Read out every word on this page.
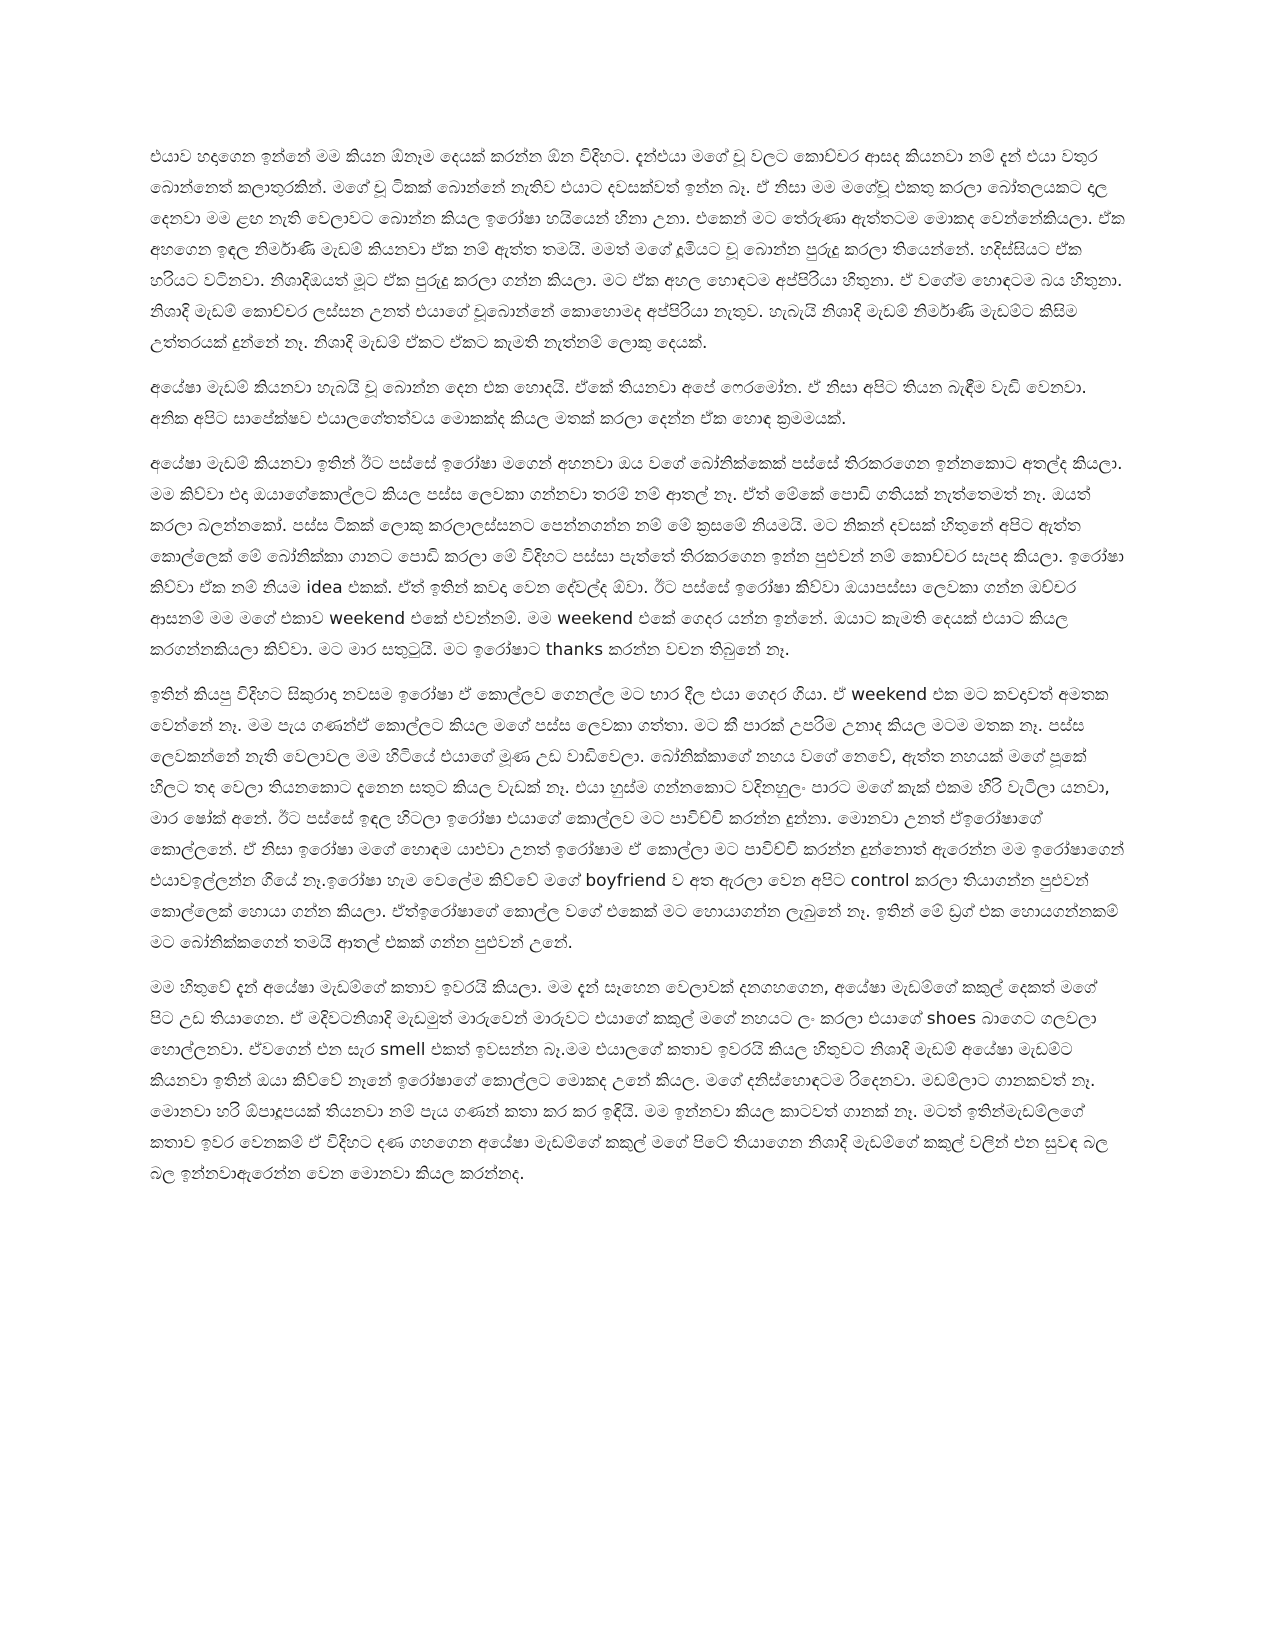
එයාව හදාගෙන ඉන්නේ මම කියන ඕනෑම දෙයක් කරන්න ඕන විදිහට. දැන්එයා මගේ චූ වලට කොච්චර ආසද කියනවා නම් දැන් එයා වතුර බොන්නෙත් කලාතුරකින්. මගේ චූ ටිකක් බොන්නේ නැතිව එයාට දවසක්වත් ඉන්න බෑ. ඒ නිසා මම මගේචූ එකතු කරලා බෝතලයකට දාල දෙනවා මම ළඟ නැති වෙලාවට බොන්න කියල ඉරෝෂා හයියෙන් හිනා උනා. එකෙන් මට තේරුණා ඇත්තටම මොකද වෙන්නේකියලා. ඒක අහගෙන ඉඳල නිර්මාණි මැඩම් කියනවා ඒක නම් ඇත්ත තමයි. මමත් මගේ දූමියට චූ බොන්න පුරුදු කරලා තියෙන්නේ. හදිස්සියට ඒක හරියට වටිනවා. නිශාදිඔයත් මූට ඒක පුරුදු කරලා ගන්න කියලා. මට ඒක අහල හොඳටම අප්පිරියා හිතුනා. ඒ වගේම හොඳටම බය හිතුනා. නිශාදි මැඩම් කොච්චර ලස්සන උනත් එයාගේ චූබොන්නේ කොහොමද අප්පිරියා නැතුව. හැබැයි නිශාදි මැඩම් නිර්මාණි මැඩම්ට කිසිම උත්තරයක් දුන්නේ නෑ. නිශාදි මැඩම් ඒකට ඒකට කැමති නැත්නම් ලොකු දෙයක්.

අයේෂා මැඩම් කියනවා හැබයි චූ බොන්න දෙන එක හොදයි. ඒකේ තියනවා අපේ ෆෙරමෝන. ඒ නිසා අපිට තියන බැඳීම වැඩි වෙනවා. අනික අපිට සාපේක්ෂව එයාලගේතත්වය මොකක්ද කියල මතක් කරලා දෙන්න ඒක හොඳ ක්‍රමමයක්.

අයේෂා මැඩම් කියනවා ඉතින් ඊට පස්සේ ඉරෝෂා මගෙන් අහනවා ඔය වගේ බෝනික්කෙක් පස්සේ තිරකරගෙන ඉන්නකොට අතල්ද කියලා. මම කිව්වා එදා ඔයාගේකොල්ලට කියල පස්ස ලෙවකා ගන්නවා තරම් නම් ආතල් නෑ. ඒත් මේකේ පොඩි ගතියක් නැත්තෙමත් නෑ. ඔයත් කරලා බලන්නකෝ. පස්ස ටිකක් ලොකු කරලාලස්සනට පෙන්නගන්න නම් මේ ක්‍රසමේ නියමයි. මට නිකන් දවසක් හිතුනේ අපිට ඇත්ත කොල්ලෙක් මේ බෝනික්කා ගානට පොඩි කරලා මේ විදිහට පස්සා පැත්තේ තිරකරගෙන ඉන්න පුළුවන් නම් කොච්චර සැපද කියලා. ඉරෝෂා කිව්වා ඒක නම් නියම idea එකක්. ඒත් ඉතින් කවදා වෙන දේවල්ද ඕවා. ඊට පස්සේ ඉරෝෂා කිව්වා ඔයාපස්සා ලෙවකා ගන්න ඔච්චර ආසනම් මම මගේ එකාව weekend එකේ එවන්නම්. මම weekend එකේ ගෙදර යන්න ඉන්නේ. ඔයාට කැමති දෙයක් එයාට කියල කරගන්නකියලා කිව්වා. මට මාර සතුටුයි. මට ඉරෝෂාට thanks කරන්න වචන තිබුනේ නෑ.

ඉතින් කියපු විදිහට සිකුරාදා නවසම ඉරෝෂා ඒ කොල්ලව ගෙනල්ල මට භාර දීල එයා ගෙදර ගියා. ඒ weekend එක මට කවදාවත් අමතක වෙන්නේ නෑ. මම පැය ගණන්ඒ කොල්ලට කියල මගේ පස්ස ලෙවකා ගත්තා. මට කී පාරක් උපරිම උනාද කියල මටම මතක නෑ. පස්ස ලෙවකන්නේ නැති වෙලාවල මම හිටියේ එයාගේ මූණ උඩ වාඩිවෙලා. බෝනික්කාගේ නහය වගේ නෙවේ, ඇත්ත නහයක් මගේ පූකේ හිලට තද වෙලා තියනකොට දැනෙන සතුට කියල වැඩක් නෑ. එයා හුස්ම ගන්නකොට වදිනහුලං පාරට මගේ කැක් එකම හිරි වැටිලා යනවා, මාර ෂෝක් අනේ. ඊට පස්සේ ඉඳල හිටලා ඉරෝෂා එයාගේ කොල්ලව මට පාවිච්චි කරන්න දුන්නා. මොනවා උනත් ඒඉරෝෂාගේ කොල්ලනේ. ඒ නිසා ඉරෝෂා මගේ හොඳම යාළුවා උනත් ඉරෝෂාම ඒ කොල්ලා මට පාවිච්චි කරන්න දුන්නොත් ඇරෙන්න මම ඉරෝෂාගෙන් එයාවඉල්ලන්න ගියේ නෑ.ඉරෝෂා හැම වෙලේම කිව්වේ මගේ boyfriend ව අත ඇරලා වෙන අපිට control කරලා තියාගන්න පුළුවන් කොල්ලෙක් හොයා ගන්න කියලා. ඒත්ඉරෝෂාගේ කොල්ල වගේ එකෙක් මට හොයාගන්න ලැබුනේ නෑ. ඉතින් මේ ඩ්‍රග් එක හොයගන්නකම් මට බෝනික්කගෙන් තමයි ආතල් එකක් ගන්න පුළුවන් උනේ.

මම හිතුවේ දැන් අයේෂා මැඩම්ගේ කතාව ඉවරයි කියලා. මම දැන් සෑහෙන වෙලාවක් දනගහගෙන, අයේෂා මැඩම්ගේ කකුල් දෙකත් මගේ පිට උඩ තියාගෙන. ඒ මදිවටනිශාදි මැඩමුත් මාරුවෙන් මාරුවට එයාගේ කකුල් මගේ නහයට ලං කරලා එයාගේ shoes බාගෙට ගලවලා හොල්ලනවා. ඒවගෙන් එන සැර smell එකත් ඉවසන්න බෑ.මම එයාලගේ කතාව ඉවරයි කියල හිතුවට නිශාදි මැඩම් අයේෂා මැඩම්ට කියනවා ඉතින් ඔයා කිව්වේ නෑනේ ඉරෝෂාගේ කොල්ලට මොකද උනේ කියල. මගේ දනිස්හොඳටම රිදෙනවා. මඩම්ලාට ගානකවත් නෑ. මොනවා හරි ඕපාදූපයක් තියනවා නම් පැය ගණන් කතා කර කර ඉඳියි. මම ඉන්නවා කියල කාටවත් ගානක් නෑ. මටත් ඉතින්මැඩම්ලගේ කතාව ඉවර වෙනකම් ඒ විදිහට දණ ගහගෙන අයේෂා මැඩම්ගේ කකුල් මගේ පිටේ තියාගෙන නිශාදි මැඩම්ගේ කකුල් වලින් එන සුවඳ බල බල ඉන්නවාඇරෙන්න වෙන මොනවා කියල කරන්නද.
